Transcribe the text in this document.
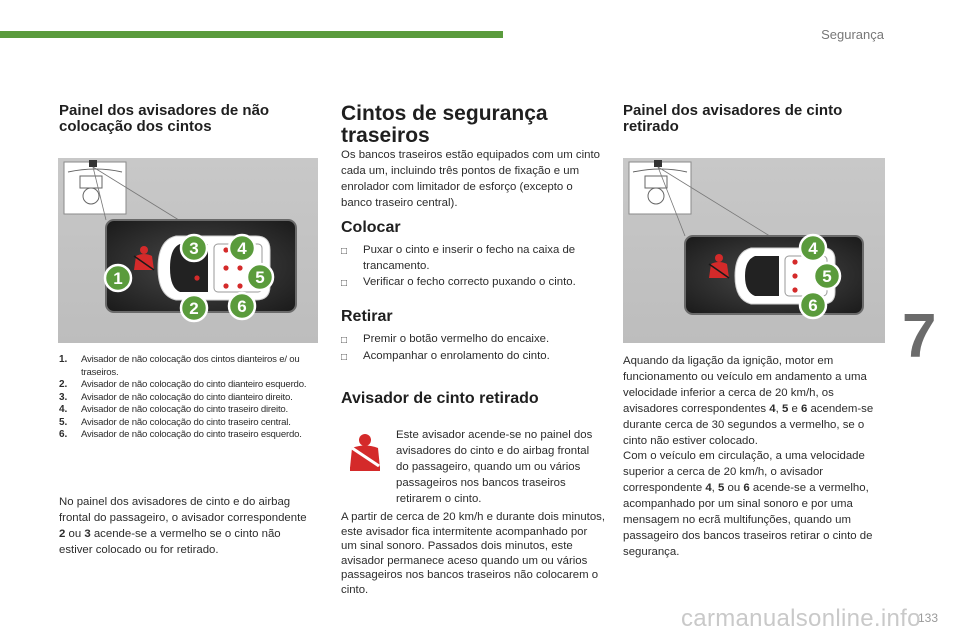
Segurança
7
133
carmanualsonline.info
Painel dos avisadores de não colocação dos cintos
1
2
3 4
5
6
1.	Avisador de não colocação dos cintos dianteiros e/ ou traseiros.
2.	Avisador de não colocação do cinto dianteiro esquerdo.
3.	Avisador de não colocação do cinto dianteiro direito.
4.	Avisador de não colocação do cinto traseiro direito.
5.	Avisador de não colocação do cinto traseiro central.
6.	Avisador de não colocação do cinto traseiro esquerdo.

No painel dos avisadores de cinto e do airbag frontal do passageiro, o avisador correspondente 2 ou 3 acende-se a vermelho se o cinto não estiver colocado ou for retirado.

Cintos de segurança traseiros

Os bancos traseiros estão equipados com um cinto cada um, incluindo três pontos de fixação e um enrolador com limitador de esforço (excepto o banco traseiro central).

Colocar
□	Puxar o cinto e inserir o fecho na caixa de trancamento.
□	Verificar o fecho correcto puxando o cinto.
Retirar
□	Premir o botão vermelho do encaixe.
□	Acompanhar o enrolamento do cinto.
Avisador de cinto retirado

Este avisador acende-se no painel dos avisadores do cinto e do airbag frontal do passageiro, quando um ou vários passageiros nos bancos traseiros retirarem o cinto.

A partir de cerca de 20 km/h e durante dois minutos, este avisador fica intermitente acompanhado por um sinal sonoro. Passados dois minutos, este avisador permanece aceso quando um ou vários passageiros nos bancos traseiros não colocarem o cinto.

Painel dos avisadores de cinto retirado
4
5
6

Aquando da ligação da ignição, motor em funcionamento ou veículo em andamento a uma velocidade inferior a cerca de 20 km/h, os avisadores correspondentes 4, 5 e 6 acendem-se durante cerca de 30 segundos a vermelho, se o cinto não estiver colocado.
Com o veículo em circulação, a uma velocidade superior a cerca de 20 km/h, o avisador correspondente 4, 5 ou 6 acende-se a vermelho, acompanhado por um sinal sonoro e por uma mensagem no ecrã multifunções, quando um passageiro dos bancos traseiros retirar o cinto de segurança.
